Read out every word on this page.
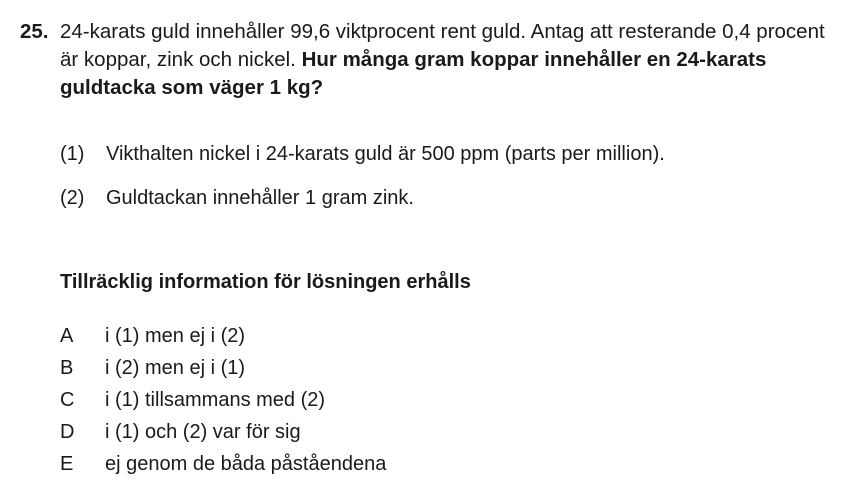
25. 24-karats guld innehåller 99,6 viktprocent rent guld. Antag att resterande 0,4 procent är koppar, zink och nickel. Hur många gram koppar innehåller en 24-karats guldtacka som väger 1 kg?
(1) Vikthalten nickel i 24-karats guld är 500 ppm (parts per million).
(2) Guldtackan innehåller 1 gram zink.
Tillräcklig information för lösningen erhålls
A i (1) men ej i (2)
B i (2) men ej i (1)
C i (1) tillsammans med (2)
D i (1) och (2) var för sig
E ej genom de båda påståendena
